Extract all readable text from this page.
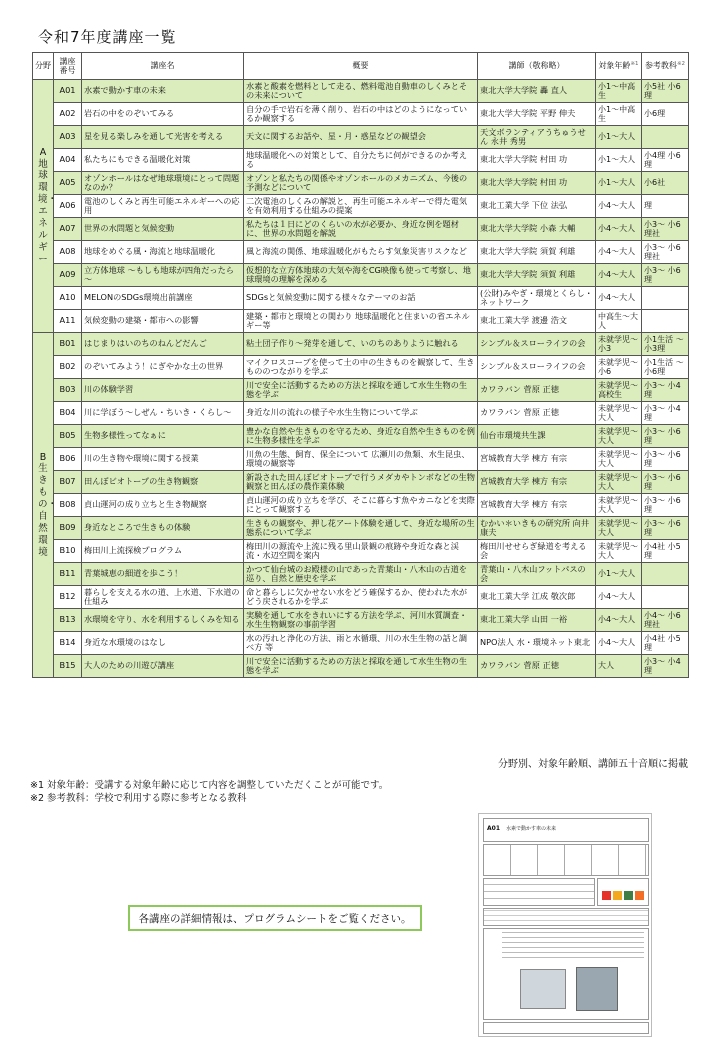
令和7年度講座一覧
分野	講座番号	講座名	概要	講師（敬称略）	対象年齢$^{※1}$	参考教科$^{※2}$
A地球環境・エネルギー	A01	水素で動かす車の未来	水素と酸素を燃料として走る、燃料電池自動車のしくみとその未来について	東北大学大学院 轟 直人	小1～中高生	小5社 小6理
	A02	岩石の中をのぞいてみる	自分の手で岩石を薄く削り、岩石の中はどのようになっているか観察する	東北大学大学院 平野 伸夫	小1～中高生	小6理
	A03	星を見る楽しみを通して光害を考える	天文に関するお話や、星・月・惑星などの観望会	天文ボランティアうちゅうせん 永井 秀男	小1～大人	
	A04	私たちにもできる温暖化対策	地球温暖化への対策として、自分たちに何ができるのか考える	東北大学大学院 村田 功	小1～大人	小4理 小6理
	A05	オゾンホールはなぜ地球環境にとって問題なのか？	オゾンと私たちの関係やオゾンホールのメカニズム、今後の予測などについて	東北大学大学院 村田 功	小1～大人	小6社
	A06	電池のしくみと再生可能エネルギーへの応用	二次電池のしくみの解説と、再生可能エネルギーで得た電気を有効利用する仕組みの提案	東北工業大学 下位 法弘	小4～大人	理
	A07	世界の水問題と気候変動	私たちは１日にどのくらいの水が必要か、身近な例を題材に、世界の水問題を解説	東北大学大学院 小森 大輔	小4～大人	小3～ 小6理社
	A08	地球をめぐる風・海流と地球温暖化	風と海流の関係、地球温暖化がもたらす気象災害リスクなど	東北大学大学院 須賀 利雄	小4～大人	小3～ 小6理社
	A09	立方体地球 ～もしも地球が四角だったら～	仮想的な立方体地球の大気や海をCG映像も使って考察し、地球環境の理解を深める	東北大学大学院 須賀 利雄	小4～大人	小3～ 小6理
	A10	MELONのSDGs環境出前講座	SDGsと気候変動に関する様々なテーマのお話	(公財)みやぎ・環境とくらし・ネットワーク	小4～大人	
	A11	気候変動の建築・都市への影響	建築・都市と環境との関わり 地球温暖化と住まいの省エネルギー等	東北工業大学 渡邊 浩文	中高生～大人	
B生きもの・自然環境	B01	はじまりはいのちのねんどだんご	粘土団子作り～発芽を通して、いのちのありように触れる	シンプル＆スローライフの会	未就学児～小3	小1生活 ～小3理
	B02	のぞいてみよう！にぎやかな土の世界	マイクロスコープを使って土の中の生きものを観察して、生きもののつながりを学ぶ	シンプル＆スローライフの会	未就学児～小6	小1生活 ～小6理
	B03	川の体験学習	川で安全に活動するための方法と採取を通して水生生物の生態を学ぶ	カワラバン 菅原 正徳	未就学児～高校生	小3～ 小4理
	B04	川に学ぼう～しぜん・ちいき・くらし～	身近な川の流れの様子や水生生物について学ぶ	カワラバン 菅原 正徳	未就学児～大人	小3～ 小4理
	B05	生物多様性ってなぁに	豊かな自然や生きものを守るため、身近な自然や生きものを例に生物多様性を学ぶ	仙台市環境共生課	未就学児～大人	小3～ 小6理
	B06	川の生き物や環境に関する授業	川魚の生態、飼育、保全について 広瀬川の魚類、水生昆虫、環境の観察等	宮城教育大学 棟方 有宗	未就学児～大人	小3～ 小6理
	B07	田んぼビオトープの生き物観察	新設された田んぼビオトープで行うメダカやトンボなどの生物観察と田んぼの農作業体験	宮城教育大学 棟方 有宗	未就学児～大人	小3～ 小6理
	B08	貞山運河の成り立ちと生き物観察	貞山運河の成り立ちを学び、そこに暮らす魚やカニなどを実際にとって観察する	宮城教育大学 棟方 有宗	未就学児～大人	小3～ 小6理
	B09	身近なところで生きもの体験	生きもの観察や、押し花アート体験を通して、身近な場所の生態系について学ぶ	むかい＊いきもの研究所 向井 康夫	未就学児～大人	小3～ 小6理
	B10	梅田川上流探検プログラム	梅田川の源流や上流に残る里山景観の痕跡や身近な森と渓流・水辺空間を案内	梅田川せせらぎ緑道を考える会	未就学児～大人	小4社 小5理
	B11	青葉城恵の細道を歩こう！	かつて仙台城のお殿様の山であった青葉山・八木山の古道を巡り、自然と歴史を学ぶ	青葉山・八木山フットパスの会	小1～大人	
	B12	暮らしを支える水の道、上水道、下水道の仕組み	命と暮らしに欠かせない水をどう確保するか、使われた水がどう戻されるかを学ぶ	東北工業大学 江成 敬次郎	小4～大人	
	B13	水環境を守り、水を利用するしくみを知る	実験を通して水をきれいにする方法を学ぶ、河川水質調査・水生生物観察の事前学習	東北工業大学 山田 一裕	小4～大人	小4～ 小6理社
	B14	身近な水環境のはなし	水の汚れと浄化の方法、雨と水循環、川の水生生物の話と調べ方 等	NPO法人 水・環境ネット東北	小4～大人	小4社 小5理
	B15	大人のための川遊び講座	川で安全に活動するための方法と採取を通して水生生物の生態を学ぶ	カワラバン 菅原 正徳	大人	小3～ 小4理
分野別、対象年齢順、講師五十音順に掲載
※1 対象年齢：受講する対象年齢に応じて内容を調整していただくことが可能です。
※2 参考教科：学校で利用する際に参考となる教科
各講座の詳細情報は、プログラムシートをご覧ください。
A01 水素で動かす車の未来
